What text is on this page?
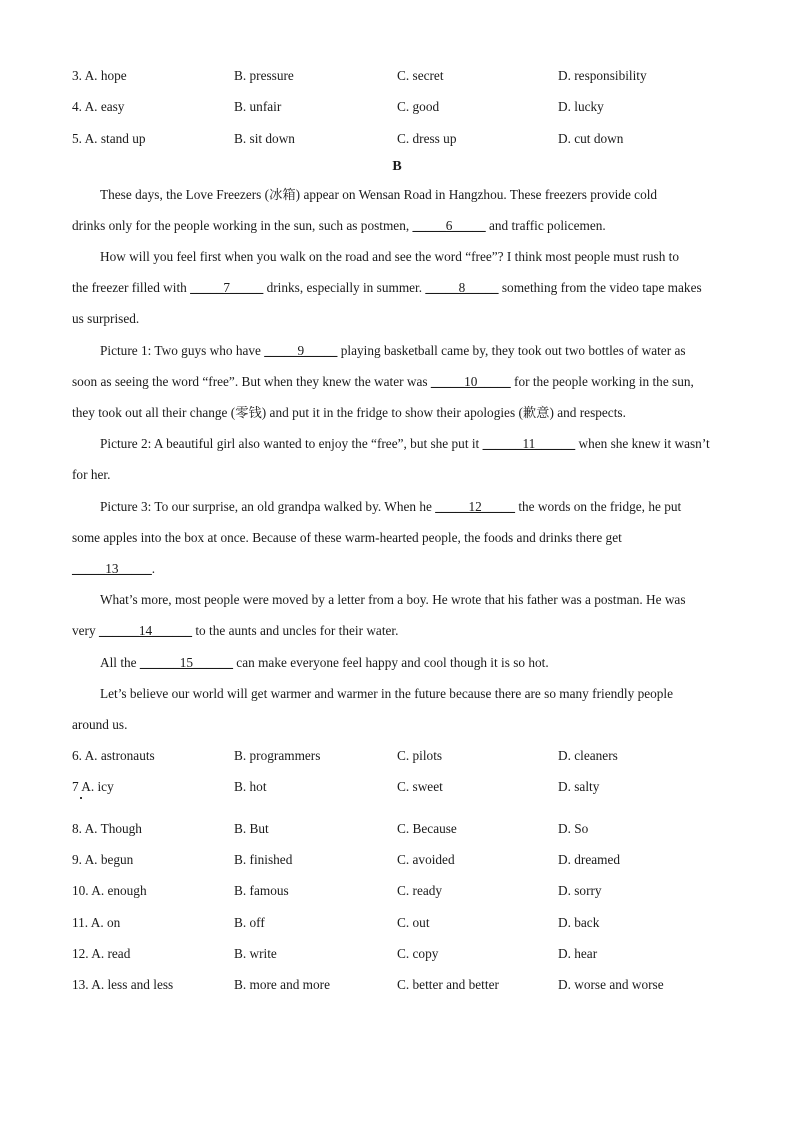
3. A. hope	B. pressure	C. secret	D. responsibility
4. A. easy	B. unfair	C. good	D. lucky
5. A. stand up	B. sit down	C. dress up	D. cut down
B
These days, the Love Freezers (冰箱) appear on Wensan Road in Hangzhou. These freezers provide cold
drinks only for the people working in the sun, such as postmen, _____6_____ and traffic policemen.
How will you feel first when you walk on the road and see the word “free”? I think most people must rush to
the freezer filled with _____7_____ drinks, especially in summer. _____8_____ something from the video tape makes
us surprised.
Picture 1: Two guys who have _____9_____ playing basketball came by, they took out two bottles of water as
soon as seeing the word “free”. But when they knew the water was _____10_____ for the people working in the sun,
they took out all their change (零钱) and put it in the fridge to show their apologies (歉意) and respects.
Picture 2: A beautiful girl also wanted to enjoy the “free”, but she put it ______11______ when she knew it wasn’t
for her.
Picture 3: To our surprise, an old grandpa walked by. When he _____12_____ the words on the fridge, he put
some apples into the box at once. Because of these warm-hearted people, the foods and drinks there get
_____13_____.
What’s more, most people were moved by a letter from a boy. He wrote that his father was a postman. He was
very ______14______ to the aunts and uncles for their water.
All the ______15______ can make everyone feel happy and cool though it is so hot.
Let’s believe our world will get warmer and warmer in the future because there are so many friendly people
around us.
6. A. astronauts	B. programmers	C. pilots	D. cleaners
7 A. icy	B. hot	C. sweet	D. salty
8. A. Though	B. But	C. Because	D. So
9. A. begun	B. finished	C. avoided	D. dreamed
10. A. enough	B. famous	C. ready	D. sorry
11. A. on	B. off	C. out	D. back
12. A. read	B. write	C. copy	D. hear
13. A. less and less	B. more and more	C. better and better	D. worse and worse
